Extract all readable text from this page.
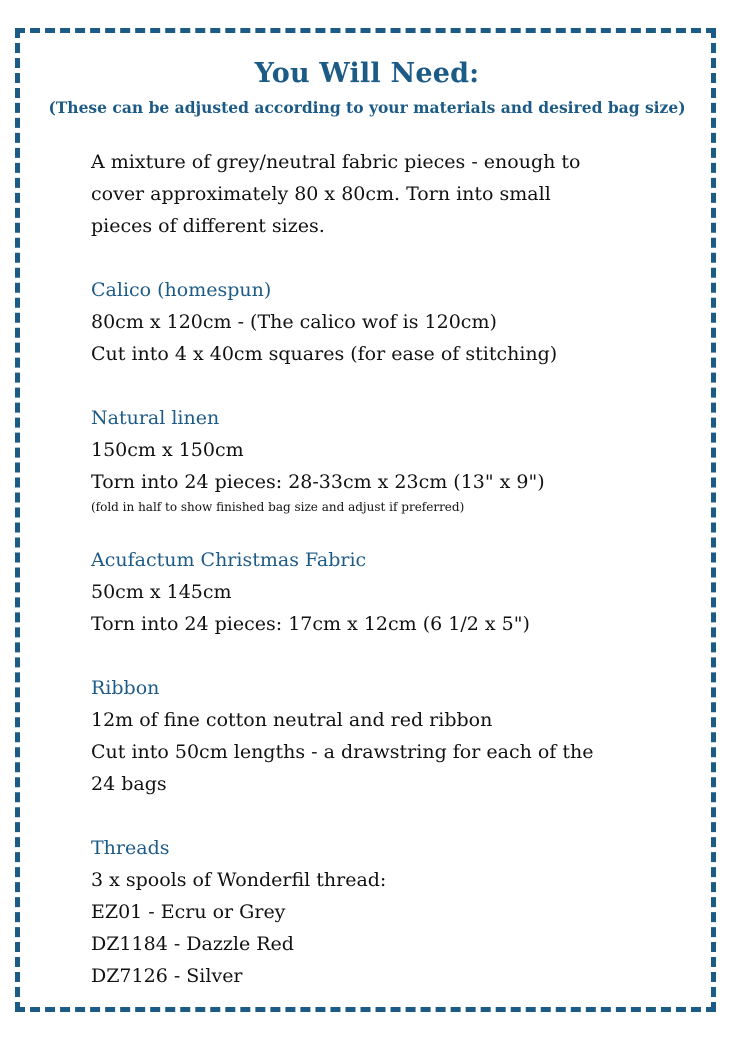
You Will Need:
(These can be adjusted according to your materials and desired bag size)
A mixture of grey/neutral fabric pieces - enough to
cover approximately 80 x 80cm. Torn into small
pieces of different sizes.
Calico (homespun)
80cm x 120cm - (The calico wof is 120cm)
Cut into 4 x 40cm squares (for ease of stitching)
Natural linen
150cm x 150cm
Torn into 24 pieces: 28-33cm x 23cm (13" x 9")
(fold in half to show finished bag size and adjust if preferred)
Acufactum Christmas Fabric
50cm x 145cm
Torn into 24 pieces: 17cm x 12cm (6 1/2 x 5")
Ribbon
12m of fine cotton neutral and red ribbon
Cut into 50cm lengths - a drawstring for each of the
24 bags
Threads
3 x spools of Wonderfil thread:
EZ01 - Ecru or Grey
DZ1184 - Dazzle Red
DZ7126 - Silver
